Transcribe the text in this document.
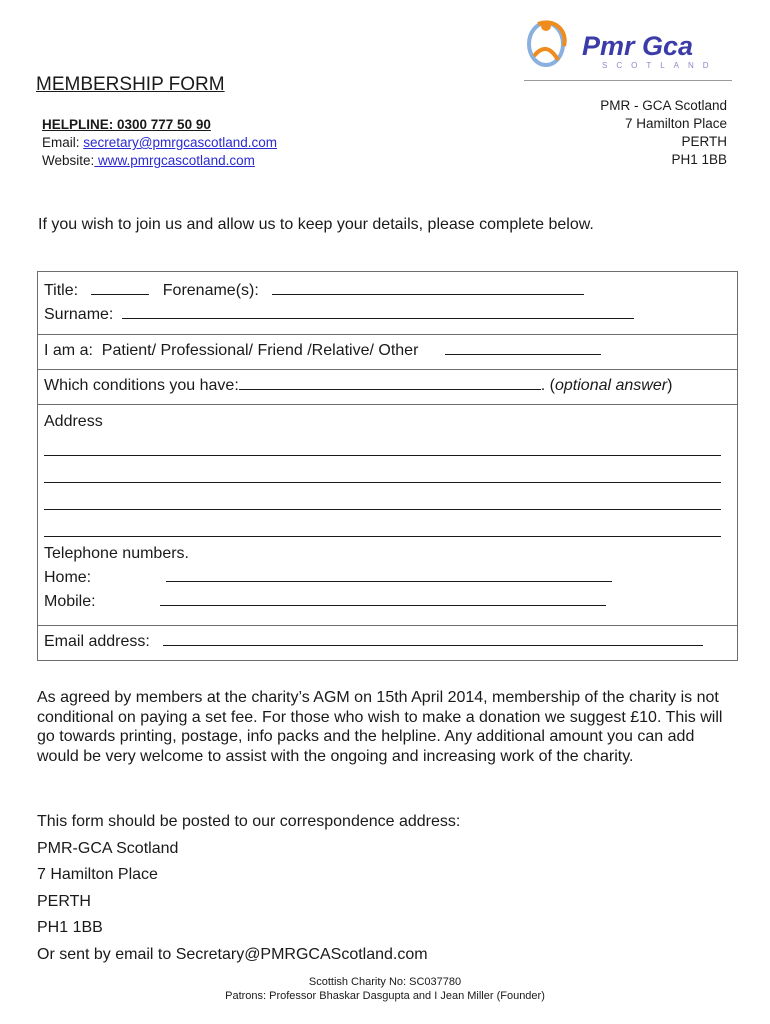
Pmr Gca
SCOTLAND
MEMBERSHIP FORM
HELPLINE: 0300 777 50 90
Email: secretary@pmrgcascotland.com
Website: www.pmrgcascotland.com
PMR - GCA Scotland
7 Hamilton Place
PERTH
PH1 1BB
If you wish to join us and allow us to keep your details, please complete below.
Title:	Forename(s):
Surname:
I am a:  Patient/ Professional/ Friend /Relative/ Other
Which conditions you have:	. (optional answer)
Address
Telephone numbers.
Home:
Mobile:
Email address:
As agreed by members at the charity’s AGM on 15th April 2014, membership of the charity is not conditional on paying a set fee. For those who wish to make a donation we suggest £10. This will go towards printing, postage, info packs and the helpline. Any additional amount you can add would be very welcome to assist with the ongoing and increasing work of the charity.
This form should be posted to our correspondence address:
PMR-GCA Scotland
7 Hamilton Place
PERTH
PH1 1BB
Or sent by email to Secretary@PMRGCAScotland.com
Scottish Charity No: SC037780
Patrons: Professor Bhaskar Dasgupta and I Jean Miller (Founder)
